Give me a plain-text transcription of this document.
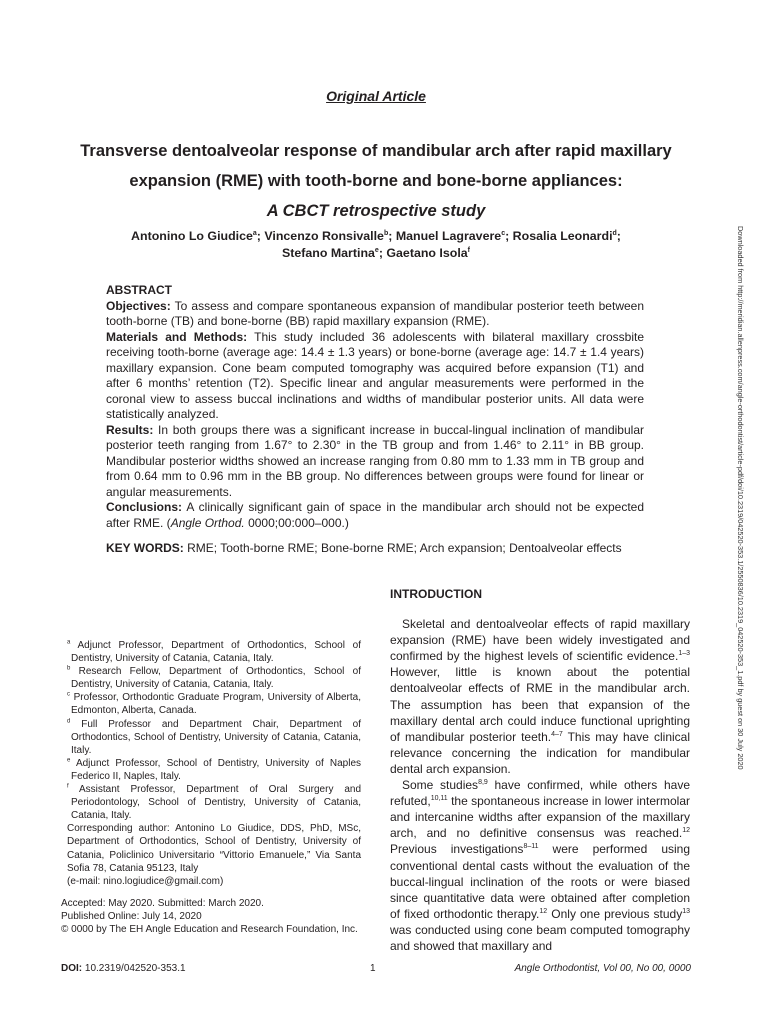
Original Article
Transverse dentoalveolar response of mandibular arch after rapid maxillary
expansion (RME) with tooth-borne and bone-borne appliances:
A CBCT retrospective study
Antonino Lo Giudice$^a$; Vincenzo Ronsivalle$^b$; Manuel Lagravere$^c$; Rosalia Leonardi$^d$;
Stefano Martina$^e$; Gaetano Isola$^f$

ABSTRACT

Objectives: To assess and compare spontaneous expansion of mandibular posterior teeth between tooth-borne (TB) and bone-borne (BB) rapid maxillary expansion (RME).

Materials and Methods: This study included 36 adolescents with bilateral maxillary crossbite receiving tooth-borne (average age: 14.4 ± 1.3 years) or bone-borne (average age: 14.7 ± 1.4 years) maxillary expansion. Cone beam computed tomography was acquired before expansion (T1) and after 6 months’ retention (T2). Specific linear and angular measurements were performed in the coronal view to assess buccal inclinations and widths of mandibular posterior units. All data were statistically analyzed.

Results: In both groups there was a significant increase in buccal-lingual inclination of mandibular posterior teeth ranging from 1.67° to 2.30° in the TB group and from 1.46° to 2.11° in BB group. Mandibular posterior widths showed an increase ranging from 0.80 mm to 1.33 mm in TB group and from 0.64 mm to 0.96 mm in the BB group. No differences between groups were found for linear or angular measurements.

Conclusions: A clinically significant gain of space in the mandibular arch should not be expected after RME. (Angle Orthod. 0000;00:000–000.)

KEY WORDS: RME; Tooth-borne RME; Bone-borne RME; Arch expansion; Dentoalveolar effects
INTRODUCTION

Skeletal and dentoalveolar effects of rapid maxillary expansion (RME) have been widely investigated and confirmed by the highest levels of scientific evidence.$^{1-3}$ However, little is known about the potential dentoalveolar effects of RME in the mandibular arch. The assumption has been that expansion of the maxillary dental arch could induce functional uprighting of mandibular posterior teeth.$^{4-7}$ This may have clinical relevance concerning the indication for mandibular dental arch expansion.

Some studies$^{8,9}$ have confirmed, while others have refuted,$^{10,11}$ the spontaneous increase in lower intermolar and intercanine widths after expansion of the maxillary arch, and no definitive consensus was reached.$^{12}$ Previous investigations$^{8-11}$ were performed using conventional dental casts without the evaluation of the buccal-lingual inclination of the roots or were biased since quantitative data were obtained after completion of fixed orthodontic therapy.$^{12}$ Only one previous study$^{13}$ was conducted using cone beam computed tomography and showed that maxillary and

$^a$ Adjunct Professor, Department of Orthodontics, School of Dentistry, University of Catania, Catania, Italy.
$^b$ Research Fellow, Department of Orthodontics, School of Dentistry, University of Catania, Catania, Italy.
$^c$ Professor, Orthodontic Graduate Program, University of Alberta, Edmonton, Alberta, Canada.
$^d$ Full Professor and Department Chair, Department of Orthodontics, School of Dentistry, University of Catania, Catania, Italy.
$^e$ Adjunct Professor, School of Dentistry, University of Naples Federico II, Naples, Italy.
$^f$ Assistant Professor, Department of Oral Surgery and Periodontology, School of Dentistry, University of Catania, Catania, Italy.
Corresponding author: Antonino Lo Giudice, DDS, PhD, MSc, Department of Orthodontics, School of Dentistry, University of Catania, Policlinico Universitario “Vittorio Emanuele,” Via Santa Sofia 78, Catania 95123, Italy
(e-mail: nino.logiudice@gmail.com)
Accepted: May 2020. Submitted: March 2020.
Published Online: July 14, 2020
© 0000 by The EH Angle Education and Research Foundation, Inc.
DOI: 10.2319/042520-353.1	1	Angle Orthodontist, Vol 00, No 00, 0000
Downloaded from http://meridian.allenpress.com/angle-orthodontist/article-pdf/doi/10.2319/042520-353.1/2550836/10.2319_042520-353_1.pdf by guest on 30 July 2020
